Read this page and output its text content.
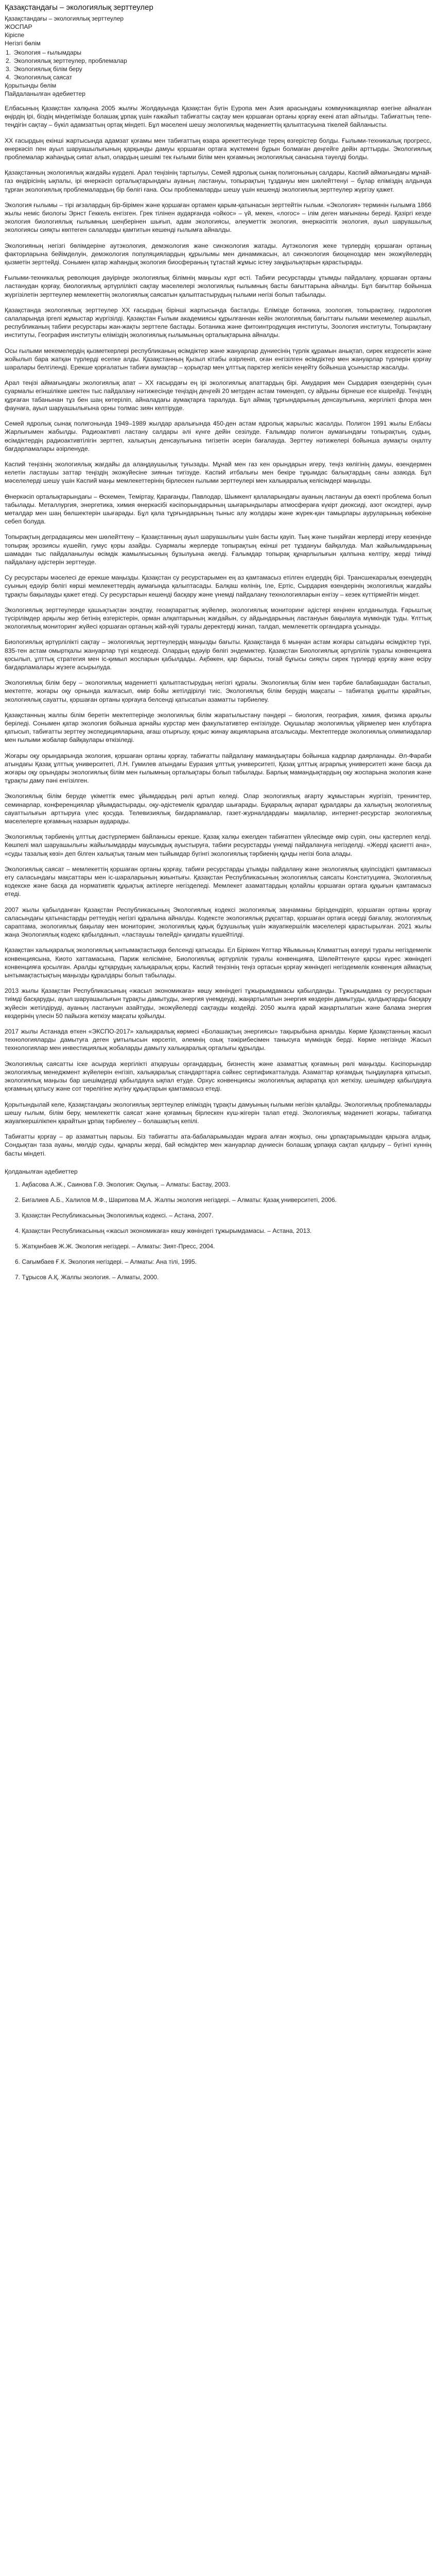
Қазақстандағы – экологиялық зерттеулер

Қазақстандағы – экологиялық зерттеулер

ЖОСПАР

Кіріспе

Негізгі бөлім

1. Экология – ғылымдары
2. Экологиялық зерттеулер, проблемалар
3. Экологиялық білім беру
4. Экологиялық саясат

Қорытынды бөлім

Пайдаланылған әдебиеттер

Елбасының Қазақстан халқына 2005 жылғы Жолдауында Қазақстан бүгін Еуропа мен Азия арасындағы коммуникациялар өзегіне айналған өңірдің ірі, біздің міндетімізде болашақ ұрпақ үшін ғажайып табиғатты сақтау мен қоршаған ортаны қорғау екені атап айтылды. Табиғаттың тепе-теңдігін сақтау – бүкіл адамзаттың ортақ міндеті. Бұл мәселені шешу экологиялық мәдениеттің қалыптасуына тікелей байланысты.

ХХ ғасырдың екінші жартысында адамзат қоғамы мен табиғаттың өзара әрекеттесуінде терең өзгерістер болды. Ғылыми-техникалық прогресс, өнеркәсіп пен ауыл шаруашылығының қарқынды дамуы қоршаған ортаға жүктемені бұрын болмаған деңгейге дейін арттырды. Экологиялық проблемалар жаһандық сипат алып, олардың шешімі тек ғылыми білім мен қоғамның экологиялық санасына тәуелді болды.

Қазақстанның экологиялық жағдайы күрделі. Арал теңізінің тартылуы, Семей ядролық сынақ полигонының салдары, Каспий аймағындағы мұнай-газ өндірісінің ықпалы, ірі өнеркәсіп орталықтарындағы ауаның ластануы, топырақтың тұздануы мен шөлейттенуі – бұлар еліміздің алдында тұрған экологиялық проблемалардың бір бөлігі ғана. Осы проблемаларды шешу үшін кешенді экологиялық зерттеулер жүргізу қажет.

Экология ғылымы – тірі ағзалардың бір-бірімен және қоршаған ортамен қарым-қатынасын зерттейтін ғылым. «Экология» терминін ғылымға 1866 жылы неміс биологы Эрнст Геккель енгізген. Грек тілінен аударғанда «ойкос» – үй, мекен, «логос» – ілім деген мағынаны береді. Қазіргі кезде экология биологиялық ғылымның шеңберінен шығып, адам экологиясы, әлеуметтік экология, өнеркәсіптік экология, ауыл шаруашылық экологиясы сияқты көптеген салаларды қамтитын кешенді ғылымға айналды.

Экологияның негізгі бөлімдеріне аутэкология, демэкология және синэкология жатады. Аутэкология жеке түрлердің қоршаған ортаның факторларына бейімделуін, демэкология популяциялардың құрылымы мен динамикасын, ал синэкология биоценоздар мен экожүйелердің қызметін зерттейді. Сонымен қатар жаһандық экология биосфераның тұтастай жұмыс істеу заңдылықтарын қарастырады.

Ғылыми-техникалық революция дәуірінде экологиялық білімнің маңызы күрт өсті. Табиғи ресурстарды ұтымды пайдалану, қоршаған ортаны ластанудан қорғау, биологиялық әртүрлілікті сақтау мәселелері экологиялық ғылымның басты бағыттарына айналды. Бұл бағыттар бойынша жүргізілетін зерттеулер мемлекеттің экологиялық саясатын қалыптастырудың ғылыми негізі болып табылады.

Қазақстанда экологиялық зерттеулер ХХ ғасырдың бірінші жартысында басталды. Елімізде ботаника, зоология, топырақтану, гидрология салаларында іргелі жұмыстар жүргізілді. Қазақстан Ғылым академиясы құрылғаннан кейін экологиялық бағыттағы ғылыми мекемелер ашылып, республиканың табиғи ресурстары жан-жақты зерттеле бастады. Ботаника және фитоинтродукция институты, Зоология институты, Топырақтану институты, География институты еліміздің экологиялық ғылымының орталықтарына айналды.

Осы ғылыми мекемелердің қызметкерлері республиканың өсімдіктер және жануарлар дүниесінің түрлік құрамын анықтап, сирек кездесетін және жойылып бара жатқан түрлерді есепке алды. Қазақстанның Қызыл кітабы әзірленіп, оған енгізілген өсімдіктер мен жануарлар түрлерін қорғау шаралары белгіленді. Ерекше қорғалатын табиғи аумақтар – қорықтар мен ұлттық парктер желісін кеңейту бойынша ұсыныстар жасалды.

Арал теңізі аймағындағы экологиялық апат – ХХ ғасырдағы ең ірі экологиялық апаттардың бірі. Амудария мен Сырдария өзендерінің суын суармалы егіншілікке шектен тыс пайдалану нәтижесінде теңіздің деңгейі 20 метрден астам төмендеп, су айдыны бірнеше есе кішірейді. Теңіздің құрғаған табанынан тұз бен шаң көтеріліп, айналадағы аумақтарға таралуда. Бұл аймақ тұрғындарының денсаулығына, жергілікті флора мен фаунаға, ауыл шаруашылығына орны толмас зиян келтіруде.

Семей ядролық сынақ полигонында 1949–1989 жылдар аралығында 450-ден астам ядролық жарылыс жасалды. Полигон 1991 жылы Елбасы Жарлығымен жабылды. Радиоактивті ластану салдары әлі күнге дейін сезілуде. Ғалымдар полигон аумағындағы топырақтың, судың, өсімдіктердің радиоактивтілігін зерттеп, халықтың денсаулығына тигізетін әсерін бағалауда. Зерттеу нәтижелері бойынша аумақты оңалту бағдарламалары әзірленуде.

Каспий теңізінің экологиялық жағдайы да алаңдаушылық туғызады. Мұнай мен газ кен орындарын игеру, теңіз көлігінің дамуы, өзендермен келетін ластаушы заттар теңіздің экожүйесіне зиянын тигізуде. Каспий итбалығы мен бекіре тұқымдас балықтардың саны азаюда. Бұл мәселелерді шешу үшін Каспий маңы мемлекеттерінің бірлескен ғылыми зерттеулері мен халықаралық келісімдері маңызды.

Өнеркәсіп орталықтарындағы – Өскемен, Теміртау, Қарағанды, Павлодар, Шымкент қалаларындағы ауаның ластануы да өзекті проблема болып табылады. Металлургия, энергетика, химия өнеркәсібі кәсіпорындарының шығарындылары атмосфераға күкірт диоксиді, азот оксидтері, ауыр металдар мен шаң бөлшектерін шығарады. Бұл қала тұрғындарының тыныс алу жолдары және жүрек-қан тамырлары ауруларының көбеюіне себеп болуда.

Топырақтың деградациясы мен шөлейттену – Қазақстанның ауыл шаруашылығы үшін басты қауіп. Тың және тыңайған жерлерді игеру кезеңінде топырақ эрозиясы күшейіп, гумус қоры азайды. Суармалы жерлерде топырақтың екінші рет тұздануы байқалуда. Мал жайылымдарының шамадан тыс пайдаланылуы өсімдік жамылғысының бұзылуына әкелді. Ғалымдар топырақ құнарлылығын қалпына келтіру, жерді тиімді пайдалану әдістерін зерттеуде.

Су ресурстары мәселесі де ерекше маңызды. Қазақстан су ресурстарымен ең аз қамтамасыз етілген елдердің бірі. Трансшекаралық өзендердің суының едәуір бөлігі көрші мемлекеттердің аумағында қалыптасады. Балқаш көлінің, Іле, Ертіс, Сырдария өзендерінің экологиялық жағдайы тұрақты бақылауды қажет етеді. Су ресурстарын кешенді басқару және үнемді пайдалану технологияларын енгізу – кезек күттірмейтін міндет.

Экологиялық зерттеулерде қашықтықтан зондтау, геоақпараттық жүйелер, экологиялық мониторинг әдістері кеңінен қолданылуда. Ғарыштық түсірілімдер арқылы жер бетінің өзгерістерін, орман алқаптарының жағдайын, су айдындарының ластануын бақылауға мүмкіндік туды. Ұлттық экологиялық мониторинг жүйесі қоршаған ортаның жай-күйі туралы деректерді жинап, талдап, мемлекеттік органдарға ұсынады.

Биологиялық әртүрлілікті сақтау – экологиялық зерттеулердің маңызды бағыты. Қазақстанда 6 мыңнан астам жоғары сатыдағы өсімдіктер түрі, 835-тен астам омыртқалы жануарлар түрі кездеседі. Олардың едәуір бөлігі эндемиктер. Қазақстан Биологиялық әртүрлілік туралы конвенцияға қосылып, ұлттық стратегия мен іс-қимыл жоспарын қабылдады. Ақбөкен, қар барысы, тоғай бұғысы сияқты сирек түрлерді қорғау және өсіру бағдарламалары жүзеге асырылуда.

Экологиялық білім беру – экологиялық мәдениетті қалыптастырудың негізгі құралы. Экологиялық білім мен тәрбие балабақшадан басталып, мектепте, жоғары оқу орнында жалғасып, өмір бойы жетілдірілуі тиіс. Экологиялық білім берудің мақсаты – табиғатқа ұқыпты қарайтын, экологиялық сауатты, қоршаған ортаны қорғауға белсенді қатысатын азаматты тәрбиелеу.

Қазақстанның жалпы білім беретін мектептерінде экологиялық білім жаратылыстану пәндері – биология, география, химия, физика арқылы беріледі. Сонымен қатар экология бойынша арнайы курстар мен факультативтер енгізілуде. Оқушылар экологиялық үйірмелер мен клубтарға қатысып, табиғатты зерттеу экспедицияларына, ағаш отырғызу, қоқыс жинау акцияларына атсалысады. Мектептерде экологиялық олимпиадалар мен ғылыми жобалар байқаулары өткізіледі.

Жоғары оқу орындарында экология, қоршаған ортаны қорғау, табиғатты пайдалану мамандықтары бойынша кадрлар даярланады. Әл-Фараби атындағы Қазақ ұлттық университеті, Л.Н. Гумилев атындағы Еуразия ұлттық университеті, Қазақ ұлттық аграрлық университеті және басқа да жоғары оқу орындары экологиялық білім мен ғылымның орталықтары болып табылады. Барлық мамандықтардың оқу жоспарына экология және тұрақты даму пәні енгізілген.

Экологиялық білім беруде үкіметтік емес ұйымдардың рөлі артып келеді. Олар экологиялық ағарту жұмыстарын жүргізіп, тренингтер, семинарлар, конференциялар ұйымдастырады, оқу-әдістемелік құралдар шығарады. Бұқаралық ақпарат құралдары да халықтың экологиялық сауаттылығын арттыруға үлес қосуда. Телевизиялық бағдарламалар, газет-журналдардағы мақалалар, интернет-ресурстар экологиялық мәселелерге қоғамның назарын аударады.

Экологиялық тәрбиенің ұлттық дәстүрлермен байланысы ерекше. Қазақ халқы ежелден табиғатпен үйлесімде өмір сүріп, оны қастерлеп келді. Көшпелі мал шаруашылығы жайылымдарды маусымдық ауыстыруға, табиғи ресурстарды үнемді пайдалануға негізделді. «Жерді қасиетті ана», «суды тазалық көзі» деп білген халықтық таным мен тыйымдар бүгінгі экологиялық тәрбиенің құнды негізі бола алады.

Экологиялық саясат – мемлекеттің қоршаған ортаны қорғау, табиғи ресурстарды ұтымды пайдалану және экологиялық қауіпсіздікті қамтамасыз ету саласындағы мақсаттары мен іс-шараларының жиынтығы. Қазақстан Республикасының экологиялық саясаты Конституцияға, Экологиялық кодекске және басқа да нормативтік құқықтық актілерге негізделеді. Мемлекет азаматтардың қолайлы қоршаған ортаға құқығын қамтамасыз етеді.

2007 жылы қабылданған Қазақстан Республикасының Экологиялық кодексі экологиялық заңнаманы біріздендіріп, қоршаған ортаны қорғау саласындағы қатынастарды реттеудің негізгі құралына айналды. Кодексте экологиялық рұқсаттар, қоршаған ортаға әсерді бағалау, экологиялық сараптама, экологиялық бақылау мен мониторинг, экологиялық құқық бұзушылық үшін жауапкершілік мәселелері қарастырылған. 2021 жылы жаңа Экологиялық кодекс қабылданып, «ластаушы төлейді» қағидаты күшейтілді.

Қазақстан халықаралық экологиялық ынтымақтастыққа белсенді қатысады. Ел Біріккен Ұлттар Ұйымының Климаттың өзгеруі туралы негіздемелік конвенциясына, Киото хаттамасына, Париж келісіміне, Биологиялық әртүрлілік туралы конвенцияға, Шөлейттенуге қарсы күрес жөніндегі конвенцияға қосылған. Аралды құтқарудың халықаралық қоры, Каспий теңізінің теңіз ортасын қорғау жөніндегі негіздемелік конвенция аймақтық ынтымақтастықтың маңызды құралдары болып табылады.

2013 жылы Қазақстан Республикасының «жасыл экономикаға» көшу жөніндегі тұжырымдамасы қабылданды. Тұжырымдама су ресурстарын тиімді басқаруды, ауыл шаруашылығын тұрақты дамытуды, энергия үнемдеуді, жаңартылатын энергия көздерін дамытуды, қалдықтарды басқару жүйесін жетілдіруді, ауаның ластануын азайтуды, экожүйелерді сақтауды көздейді. 2050 жылға қарай жаңартылатын және балама энергия көздерінің үлесін 50 пайызға жеткізу мақсаты қойылды.

2017 жылы Астанада өткен «ЭКСПО-2017» халықаралық көрмесі «Болашақтың энергиясы» тақырыбына арналды. Көрме Қазақстанның жасыл технологияларды дамытуға деген ұмтылысын көрсетіп, әлемнің озық тәжірибесімен танысуға мүмкіндік берді. Көрме негізінде Жасыл технологиялар мен инвестициялық жобаларды дамыту халықаралық орталығы құрылды.

Экологиялық саясатты іске асыруда жергілікті атқарушы органдардың, бизнестің және азаматтық қоғамның рөлі маңызды. Кәсіпорындар экологиялық менеджмент жүйелерін енгізіп, халықаралық стандарттарға сәйкес сертификатталуда. Азаматтар қоғамдық тыңдауларға қатысып, экологиялық маңызы бар шешімдерді қабылдауға ықпал етуде. Орхус конвенциясы экологиялық ақпаратқа қол жеткізу, шешімдер қабылдауға қоғамның қатысу және сот төрелігіне жүгіну құқықтарын қамтамасыз етеді.

Қорытындылай келе, Қазақстандағы экологиялық зерттеулер еліміздің тұрақты дамуының ғылыми негізін қалайды. Экологиялық проблемаларды шешу ғылым, білім беру, мемлекеттік саясат және қоғамның бірлескен күш-жігерін талап етеді. Экологиялық мәдениеті жоғары, табиғатқа жауапкершілікпен қарайтын ұрпақ тәрбиелеу – болашақтың кепілі.

Табиғатты қорғау – әр азаматтың парызы. Біз табиғатты ата-бабаларымыздан мұраға алған жоқпыз, оны ұрпақтарымыздан қарызға алдық. Сондықтан таза ауаны, мөлдір суды, құнарлы жерді, бай өсімдіктер мен жануарлар дүниесін болашақ ұрпаққа сақтап қалдыру – бүгінгі күннің басты міндеті.

Қолданылған әдебиеттер

1. Ақбасова А.Ж., Саинова Г.Ә. Экология: Оқулық. – Алматы: Бастау, 2003.
2. Бигалиев А.Б., Халилов М.Ф., Шарипова М.А. Жалпы экология негіздері. – Алматы: Қазақ университеті, 2006.
3. Қазақстан Республикасының Экологиялық кодексі. – Астана, 2007.
4. Қазақстан Республикасының «жасыл экономикаға» көшу жөніндегі тұжырымдамасы. – Астана, 2013.
5. Жатқанбаев Ж.Ж. Экология негіздері. – Алматы: Зият-Пресс, 2004.
6. Сағымбаев Ғ.К. Экология негіздері. – Алматы: Ана тілі, 1995.
7. Тұрысов А.Қ. Жалпы экология. – Алматы, 2000.
